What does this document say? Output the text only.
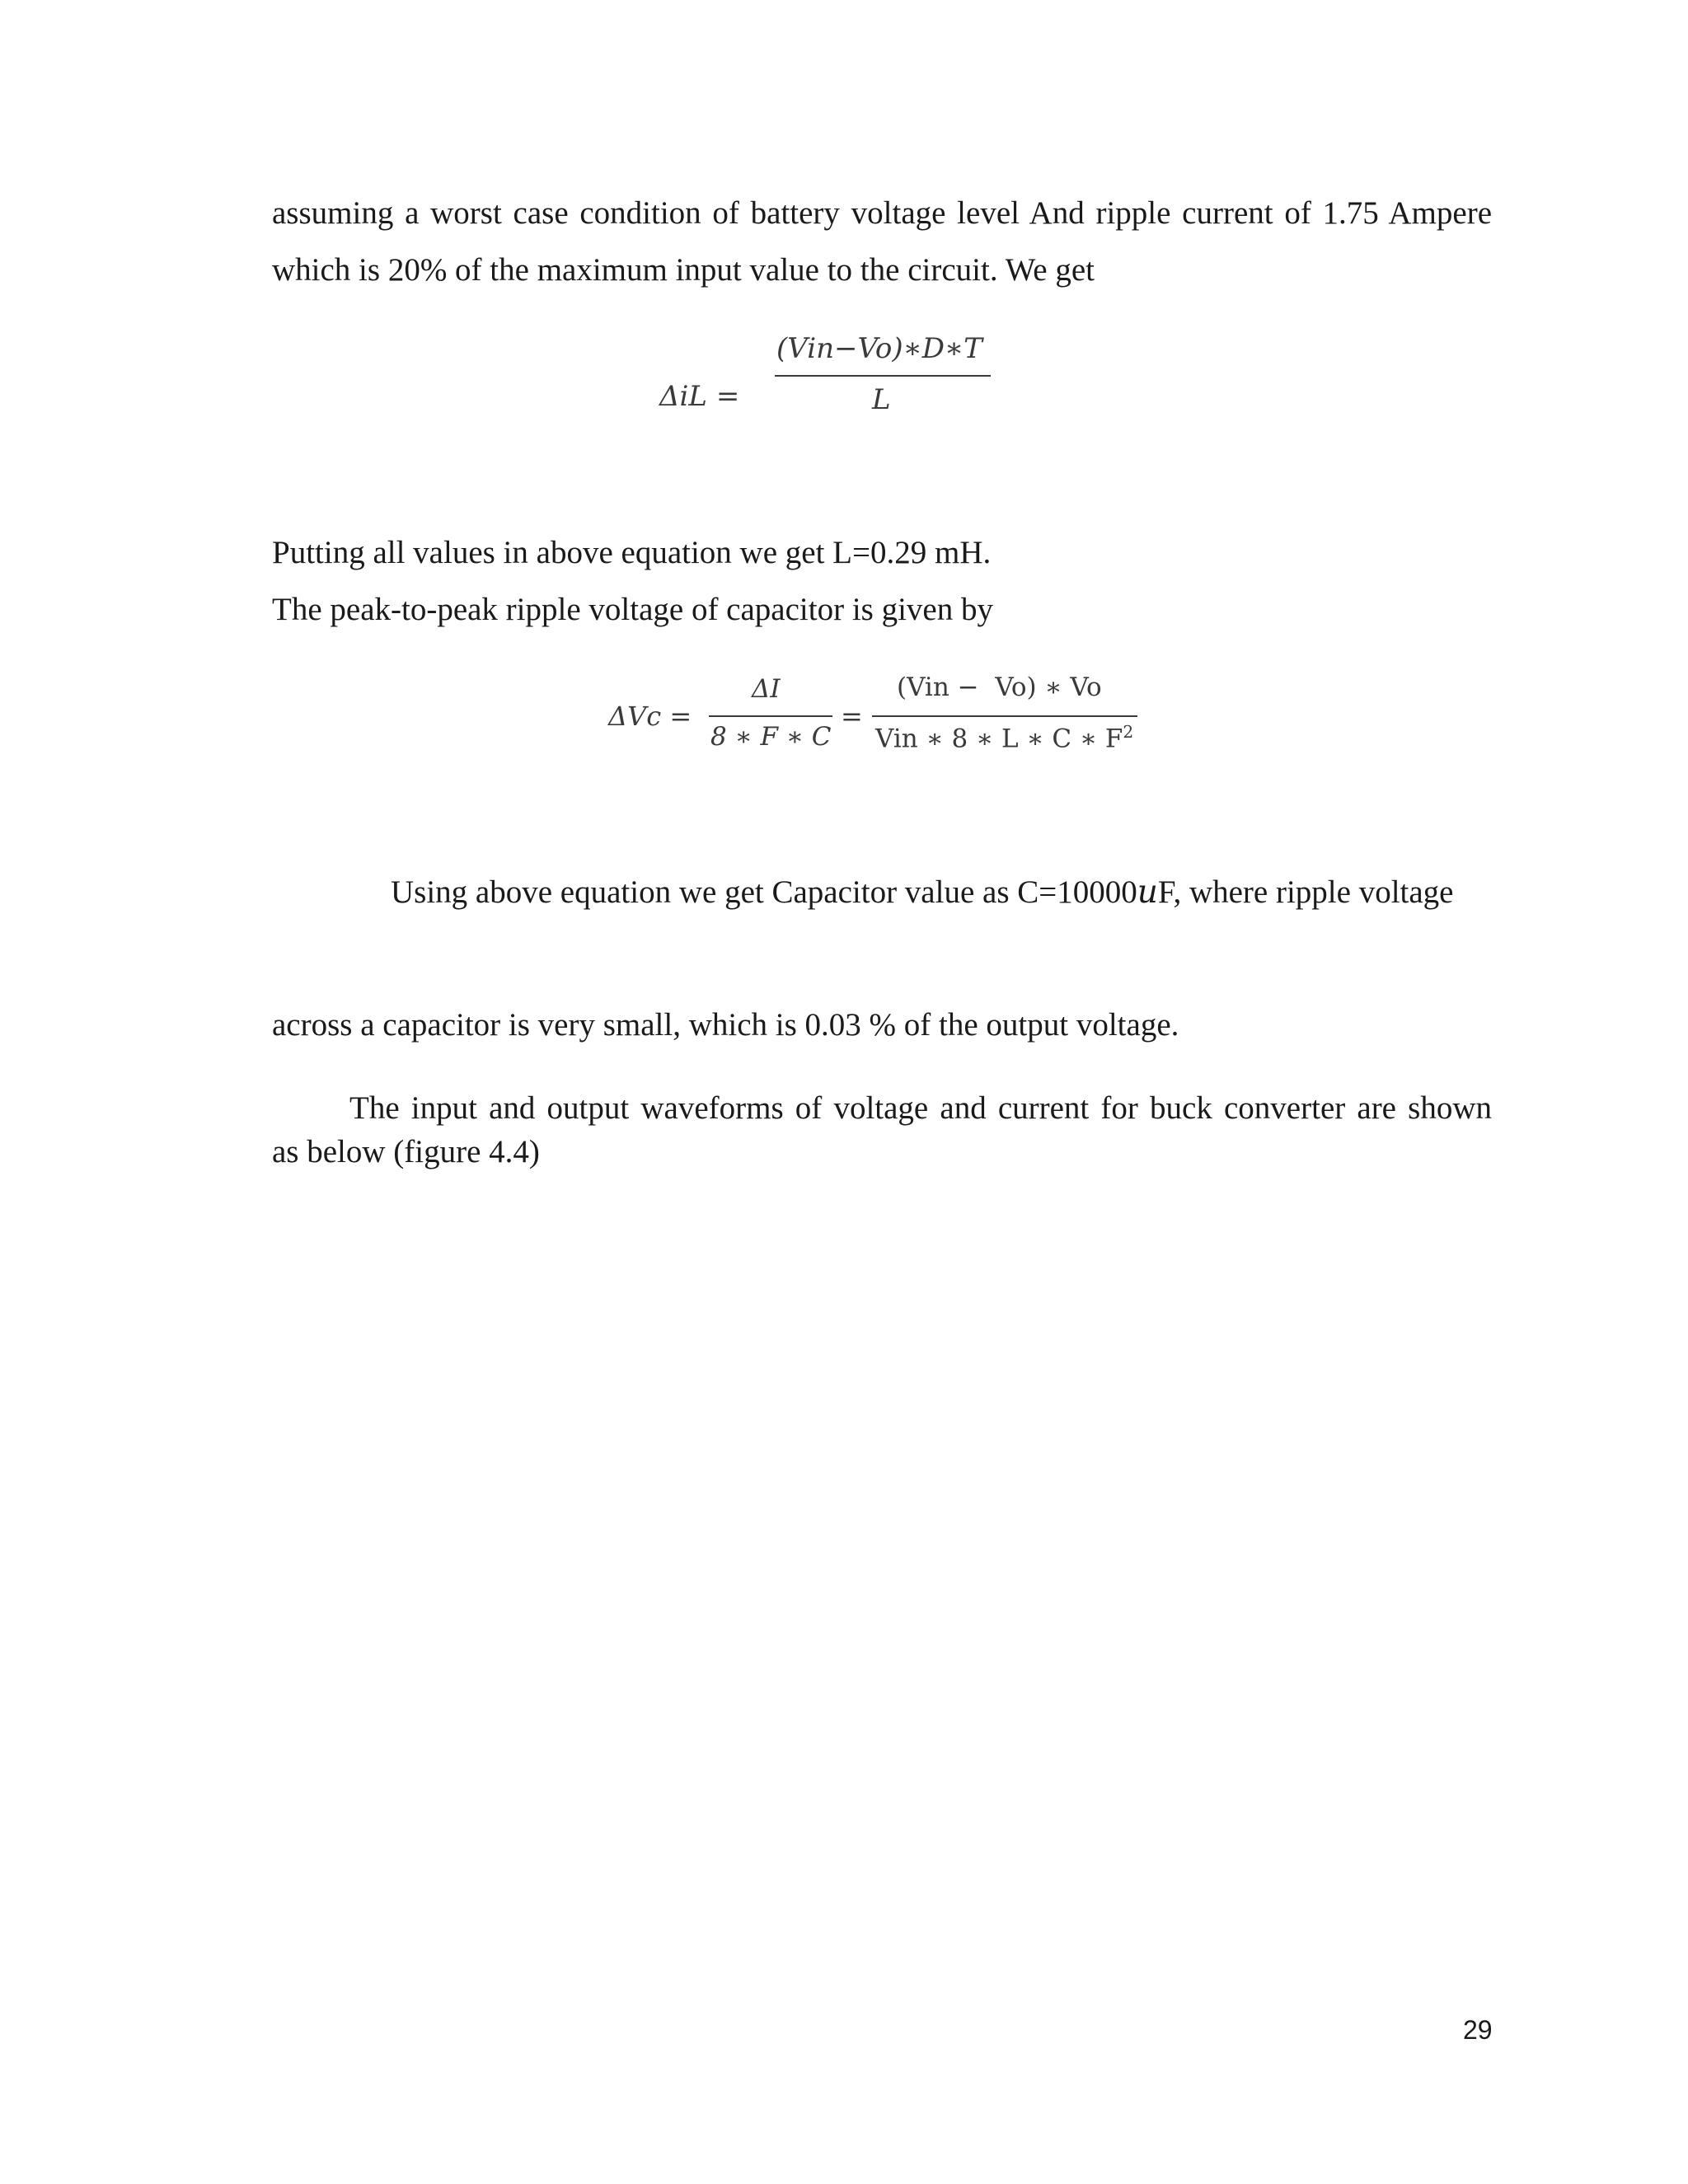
assuming a worst case condition of battery voltage level And ripple current of 1.75 Ampere
which is 20% of the maximum input value to the circuit. We get
ΔiL =
(Vin−Vo)∗D∗T
L
Putting all values in above equation we get L=0.29 mH.
The peak-to-peak ripple voltage of capacitor is given by
ΔVc =
ΔI
8 ∗ F ∗ C
=
(Vin −  Vo) ∗ Vo
Vin ∗ 8 ∗ L ∗ C ∗ $F^2$
Using above equation we get Capacitor value as C=10000uF, where ripple voltage
across a capacitor is very small, which is 0.03 % of the output voltage.
The input and output waveforms of voltage and current for buck converter are shown
as below (figure 4.4)
29
